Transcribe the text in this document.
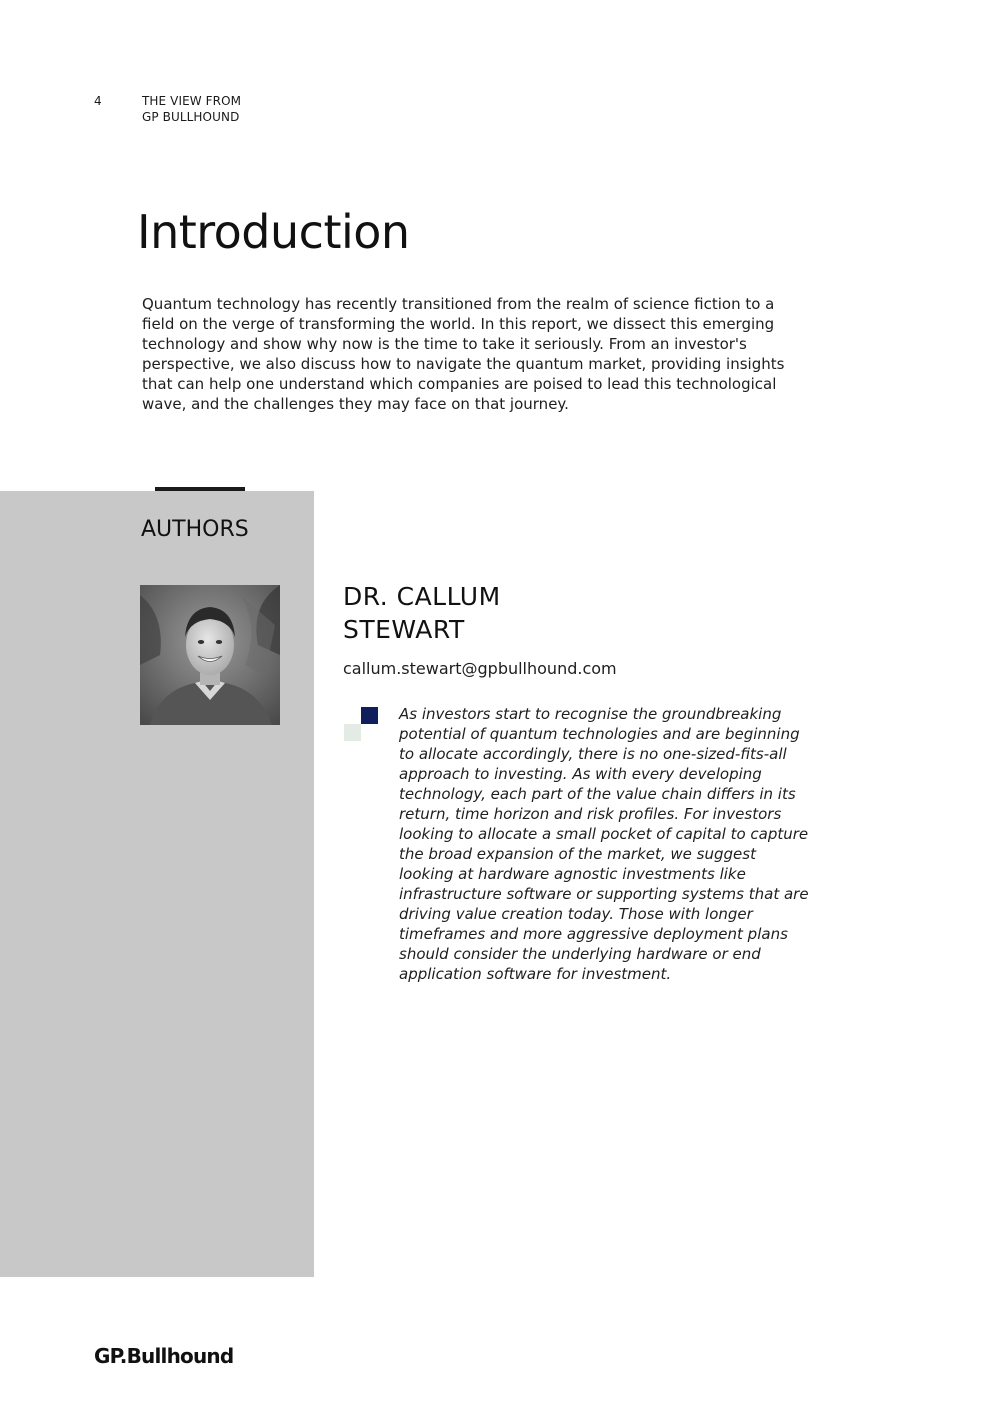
4	THE VIEW FROM
GP BULLHOUND
Introduction

Quantum technology has recently transitioned from the realm of science fiction to a field on the verge of transforming the world. In this report, we dissect this emerging technology and show why now is the time to take it seriously. From an investor's perspective, we also discuss how to navigate the quantum market, providing insights that can help one understand which companies are poised to lead this technological wave, and the challenges they may face on that journey.

AUTHORS
DR. CALLUM
STEWART
callum.stewart@gpbullhound.com

As investors start to recognise the groundbreaking potential of quantum technologies and are beginning to allocate accordingly, there is no one-sized-fits-all approach to investing. As with every developing technology, each part of the value chain differs in its return, time horizon and risk profiles. For investors looking to allocate a small pocket of capital to capture the broad expansion of the market, we suggest looking at hardware agnostic investments like infrastructure software or supporting systems that are driving value creation today. Those with longer timeframes and more aggressive deployment plans should consider the underlying hardware or end application software for investment.

GP.Bullhound
